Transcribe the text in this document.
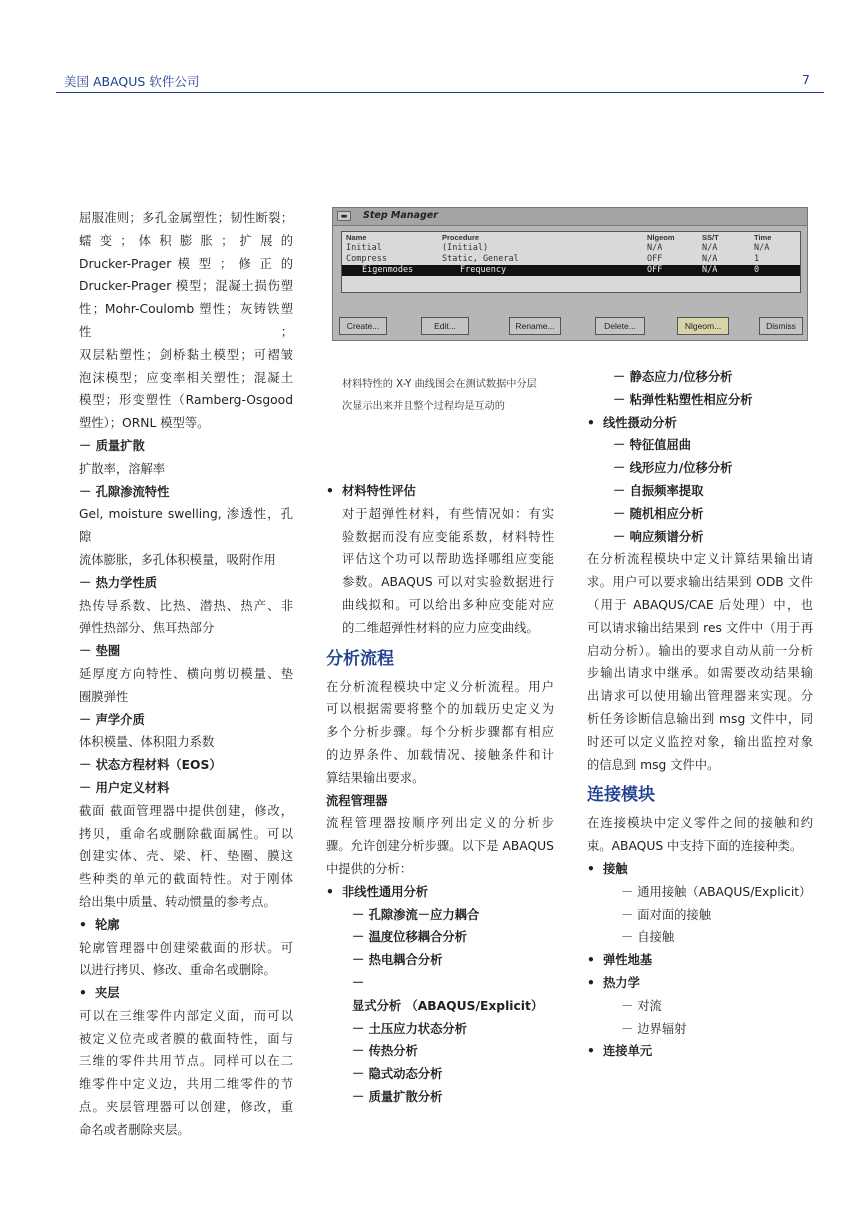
美国 ABAQUS 软件公司	7

屈服准则；多孔金属塑性；韧性断裂；

蠕 变 ； 体 积 膨 胀 ； 扩 展 的

Drucker-Prager 模 型 ； 修 正 的

Drucker-Prager 模型；混凝土损伤塑

性；Mohr-Coulomb 塑性；灰铸铁塑性；

双层粘塑性；剑桥黏土模型；可褶皱

泡沫模型；应变率相关塑性；混凝土

模型；形变塑性（Ramberg-Osgood

塑性）；ORNL 模型等。

－ 质量扩散

扩散率，溶解率

－ 孔隙渗流特性

Gel, moisture swelling, 渗透性，孔隙

流体膨胀，多孔体积模量，吸附作用

－ 热力学性质

热传导系数、比热、潜热、热产、非

弹性热部分、焦耳热部分

－ 垫圈

延厚度方向特性、横向剪切模量、垫

圈膜弹性

－ 声学介质

体积模量、体积阻力系数

－ 状态方程材料（EOS）

－ 用户定义材料

截面 截面管理器中提供创建，修改，

拷贝，重命名或删除截面属性。可以

创建实体、壳、梁、杆、垫圈、膜这

些种类的单元的截面特性。对于刚体

给出集中质量、转动惯量的参考点。

• 轮廓

轮廓管理器中创建梁截面的形状。可

以进行拷贝、修改、重命名或删除。

• 夹层

可以在三维零件内部定义面，而可以

被定义位壳或者膜的截面特性，面与

三维的零件共用节点。同样可以在二

维零件中定义边，共用二维零件的节

点。夹层管理器可以创建，修改，重

命名或者删除夹层。

▬	Step Manager
Name	Procedure	Nlgeom	SS/T	Time
Initial	(Initial)	N/A	N/A	N/A
Compress	Static, General	OFF	N/A	1
Eigenmodes	Frequency	OFF	N/A	0
Create...	Edit...	Rename...	Delete...	Nlgeom...	Dismiss
材料特性的 X-Y 曲线图会在测试数据中分层
次显示出来并且整个过程均是互动的

• 材料特性评估

对于超弹性材料，有些情况如：有实

验数据而没有应变能系数，材料特性

评估这个功可以帮助选择哪组应变能

参数。ABAQUS 可以对实验数据进行

曲线拟和。可以给出多种应变能对应

的二维超弹性材料的应力应变曲线。

分析流程

在分析流程模块中定义分析流程。用户

可以根据需要将整个的加载历史定义为

多个分析步骤。每个分析步骤都有相应

的边界条件、加载情况、接触条件和计

算结果输出要求。

流程管理器

流程管理器按顺序列出定义的分析步

骤。允许创建分析步骤。以下是 ABAQUS

中提供的分析：

• 非线性通用分析

－ 孔隙渗流－应力耦合

－ 温度位移耦合分析

－ 热电耦合分析

－ 显式分析 （ABAQUS/Explicit）

－ 土压应力状态分析

－ 传热分析

－ 隐式动态分析

－ 质量扩散分析

－ 静态应力/位移分析

－ 粘弹性粘塑性相应分析

• 线性摄动分析

－ 特征值屈曲

－ 线形应力/位移分析

－ 自振频率提取

－ 随机相应分析

－ 响应频谱分析

在分析流程模块中定义计算结果输出请

求。用户可以要求输出结果到 ODB 文件

（用于 ABAQUS/CAE 后处理）中，也

可以请求输出结果到 res 文件中（用于再

启动分析）。输出的要求自动从前一分析

步输出请求中继承。如需要改动结果输

出请求可以使用输出管理器来实现。分

析任务诊断信息输出到 msg 文件中，同

时还可以定义监控对象，输出监控对象

的信息到 msg 文件中。

连接模块

在连接模块中定义零件之间的接触和约

束。ABAQUS 中支持下面的连接种类。

• 接触

－ 通用接触（ABAQUS/Explicit）

－ 面对面的接触

－ 自接触

• 弹性地基

• 热力学

－ 对流

－ 边界辐射

• 连接单元
